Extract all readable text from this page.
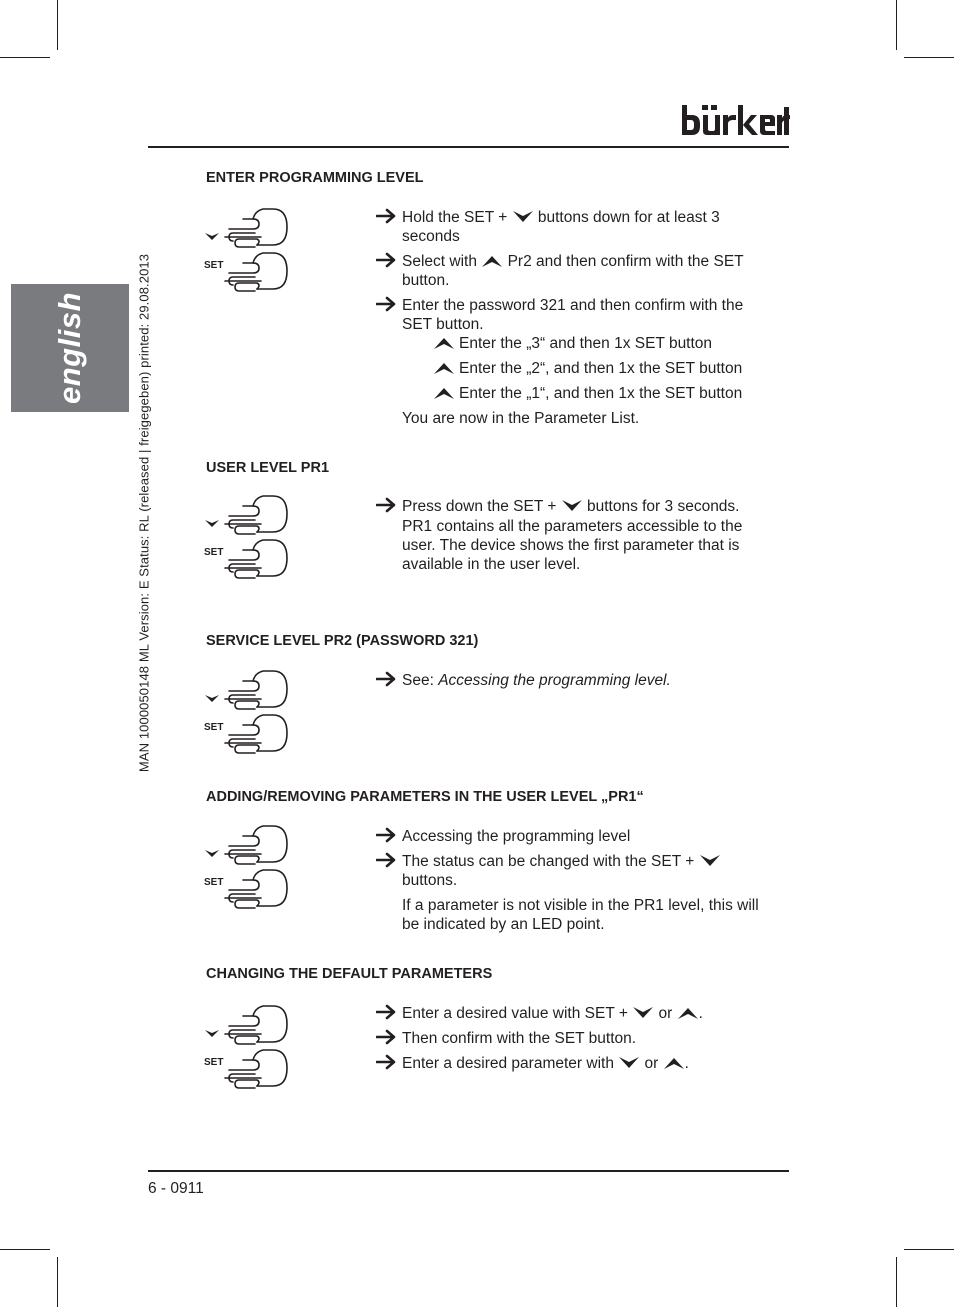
english	MAN 1000050148 ML Version: E Status: RL (released | freigegeben) printed: 29.08.2013
ENTER PROGRAMMING LEVEL
SET
Hold the SET +  buttons down for at least 3
seconds
Select with  Pr2 and then confirm with the SET
button.
Enter the password 321 and then confirm with the
SET button.
Enter the „3“ and then 1x SET button
Enter the „2“, and then 1x the SET button
Enter the „1“, and then 1x the SET button
You are now in the Parameter List.
USER LEVEL PR1
SET
Press down the SET +  buttons for 3 seconds.
PR1 contains all the parameters accessible to the
user. The device shows the first parameter that is
available in the user level.
SERVICE LEVEL PR2 (PASSWORD 321)
SET
See: Accessing the programming level.
ADDING/REMOVING PARAMETERS IN THE USER LEVEL „PR1“
SET
Accessing the programming level
The status can be changed with the SET +
buttons.
If a parameter is not visible in the PR1 level, this will
be indicated by an LED point.
CHANGING THE DEFAULT PARAMETERS
SET
Enter a desired value with SET +  or .
Then confirm with the SET button.
Enter a desired parameter with  or .
6 - 0911
